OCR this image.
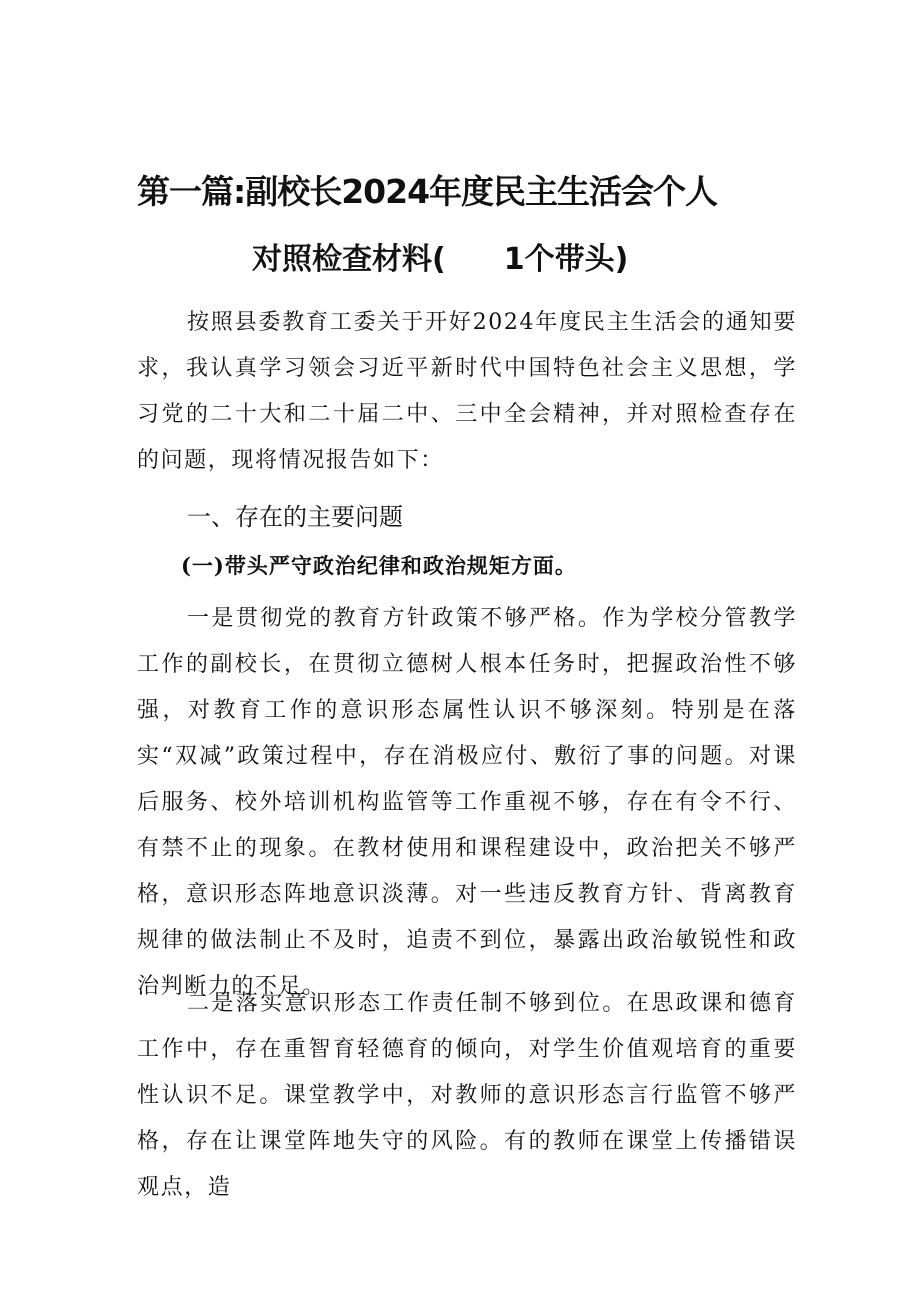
第一篇:副校长2024年度民主生活会个人
对照检查材料( 1个带头)

按照县委教育工委关于开好2024年度民主生活会的通知要求，我认真学习领会习近平新时代中国特色社会主义思想，学习党的二十大和二十届二中、三中全会精神，并对照检查存在的问题，现将情况报告如下：

一、存在的主要问题
(一)带头严守政治纪律和政治规矩方面。

一是贯彻党的教育方针政策不够严格。作为学校分管教学工作的副校长，在贯彻立德树人根本任务时，把握政治性不够强，对教育工作的意识形态属性认识不够深刻。特别是在落实“双减”政策过程中，存在消极应付、敷衍了事的问题。对课后服务、校外培训机构监管等工作重视不够，存在有令不行、有禁不止的现象。在教材使用和课程建设中，政治把关不够严格，意识形态阵地意识淡薄。对一些违反教育方针、背离教育规律的做法制止不及时，追责不到位，暴露出政治敏锐性和政治判断力的不足。

二是落实意识形态工作责任制不够到位。在思政课和德育工作中，存在重智育轻德育的倾向，对学生价值观培育的重要性认识不足。课堂教学中，对教师的意识形态言行监管不够严格，存在让课堂阵地失守的风险。有的教师在课堂上传播错误观点，造
